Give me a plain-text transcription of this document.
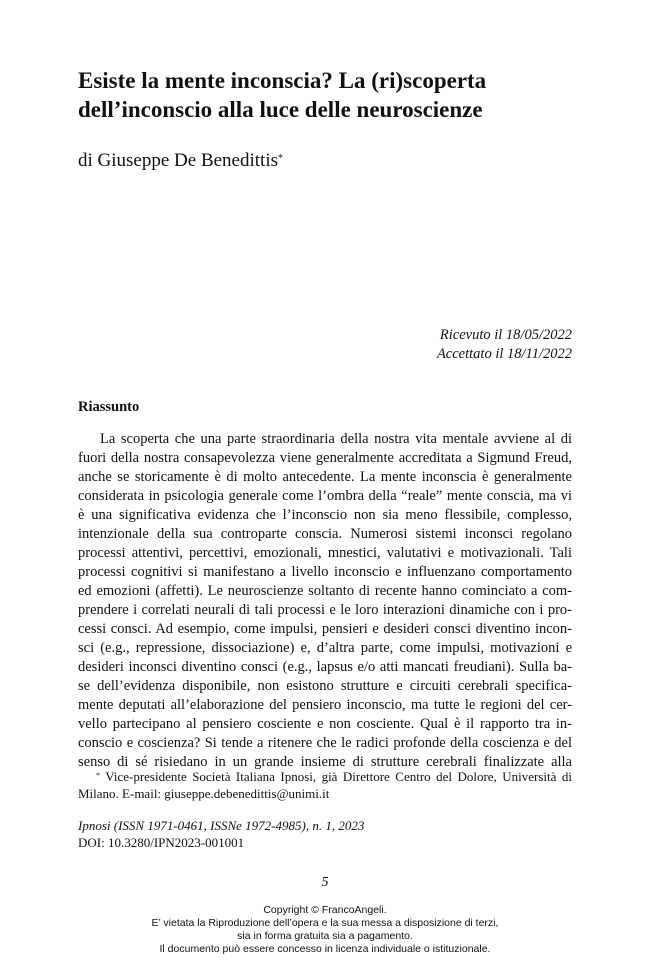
Esiste la mente inconscia? La (ri)scoperta
dell’inconscio alla luce delle neuroscienze
di Giuseppe De Benedittis*
Ricevuto il 18/05/2022
Accettato il 18/11/2022
Riassunto
La scoperta che una parte straordinaria della nostra vita mentale avviene al di
fuori della nostra consapevolezza viene generalmente accreditata a Sigmund Freud,
anche se storicamente è di molto antecedente. La mente inconscia è generalmente
considerata in psicologia generale come l’ombra della “reale” mente conscia, ma vi
è una significativa evidenza che l’inconscio non sia meno flessibile, complesso,
intenzionale della sua controparte conscia. Numerosi sistemi inconsci regolano
processi attentivi, percettivi, emozionali, mnestici, valutativi e motivazionali. Tali
processi cognitivi si manifestano a livello inconscio e influenzano comportamento
ed emozioni (affetti). Le neuroscienze soltanto di recente hanno cominciato a com-
prendere i correlati neurali di tali processi e le loro interazioni dinamiche con i pro-
cessi consci. Ad esempio, come impulsi, pensieri e desideri consci diventino incon-
sci (e.g., repressione, dissociazione) e, d’altra parte, come impulsi, motivazioni e
desideri inconsci diventino consci (e.g., lapsus e/o atti mancati freudiani). Sulla ba-
se dell’evidenza disponibile, non esistono strutture e circuiti cerebrali specifica-
mente deputati all’elaborazione del pensiero inconscio, ma tutte le regioni del cer-
vello partecipano al pensiero cosciente e non cosciente. Qual è il rapporto tra in-
conscio e coscienza? Si tende a ritenere che le radici profonde della coscienza e del
senso di sé risiedano in un grande insieme di strutture cerebrali finalizzate alla
* Vice-presidente Società Italiana Ipnosi, già Direttore Centro del Dolore, Università di
Milano. E-mail: giuseppe.debenedittis@unimi.it
Ipnosi (ISSN 1971-0461, ISSNe 1972-4985), n. 1, 2023
DOI: 10.3280/IPN2023-001001
5
Copyright © FrancoAngeli.
E’ vietata la Riproduzione dell’opera e la sua messa a disposizione di terzi,
sia in forma gratuita sia a pagamento.
Il documento può essere concesso in licenza individuale o istituzionale.
